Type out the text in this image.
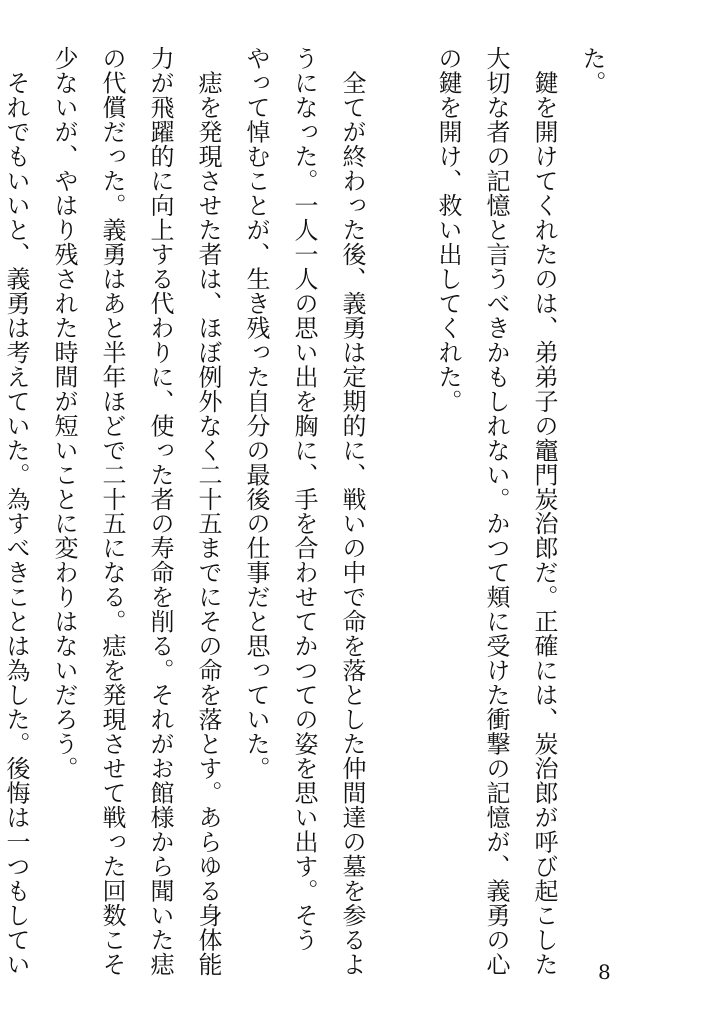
た。
　鍵を開けてくれたのは、弟弟子の竈門炭治郎だ。正確には、炭治郎が呼び起こした
大切な者の記憶と言うべきかもしれない。かつて頬に受けた衝撃の記憶が、義勇の心
の鍵を開け、救い出してくれた。

　全てが終わった後、義勇は定期的に、戦いの中で命を落とした仲間達の墓を参るよ
うになった。一人一人の思い出を胸に、手を合わせてかつての姿を思い出す。そう
やって悼むことが、生き残った自分の最後の仕事だと思っていた。
　痣を発現させた者は、ほぼ例外なく二十五までにその命を落とす。あらゆる身体能
力が飛躍的に向上する代わりに、使った者の寿命を削る。それがお館様から聞いた痣
の代償だった。義勇はあと半年ほどで二十五になる。痣を発現させて戦った回数こそ
少ないが、やはり残された時間が短いことに変わりはないだろう。
　それでもいいと、義勇は考えていた。為すべきことは為した。後悔は一つもしてい	8
